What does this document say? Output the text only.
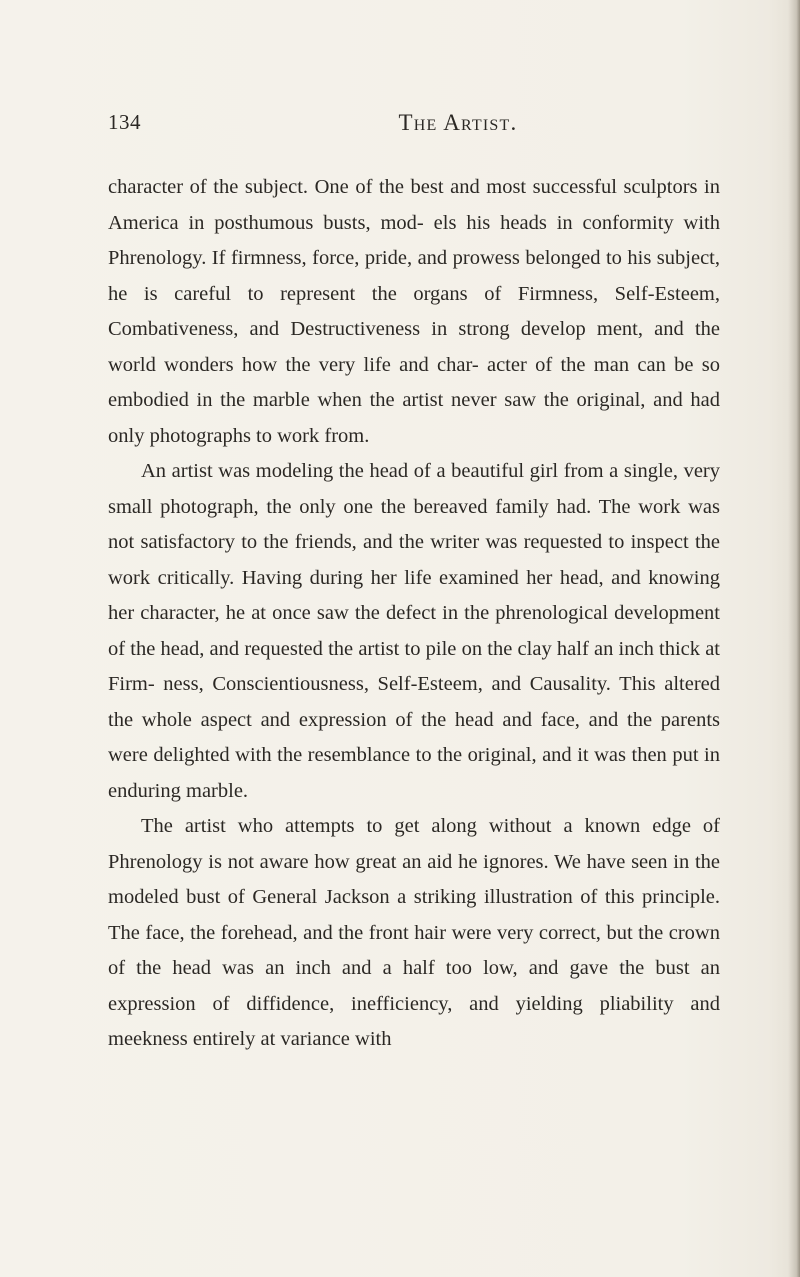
134	The Artist.

character of the subject. One of the best and most successful sculptors in America in posthumous busts, mod- els his heads in conformity with Phrenology. If firmness, force, pride, and prowess belonged to his subject, he is careful to represent the organs of Firmness, Self-Esteem, Combativeness, and Destructiveness in strong develop ment, and the world wonders how the very life and char- acter of the man can be so embodied in the marble when the artist never saw the original, and had only photographs to work from.

An artist was modeling the head of a beautiful girl from a single, very small photograph, the only one the bereaved family had. The work was not satisfactory to the friends, and the writer was requested to inspect the work critically. Having during her life examined her head, and knowing her character, he at once saw the defect in the phrenological development of the head, and requested the artist to pile on the clay half an inch thick at Firm- ness, Conscientiousness, Self-Esteem, and Causality. This altered the whole aspect and expression of the head and face, and the parents were delighted with the resemblance to the original, and it was then put in enduring marble.

The artist who attempts to get along without a known edge of Phrenology is not aware how great an aid he ignores. We have seen in the modeled bust of General Jackson a striking illustration of this principle. The face, the forehead, and the front hair were very correct, but the crown of the head was an inch and a half too low, and gave the bust an expression of diffidence, inefficiency, and yielding pliability and meekness entirely at variance with
